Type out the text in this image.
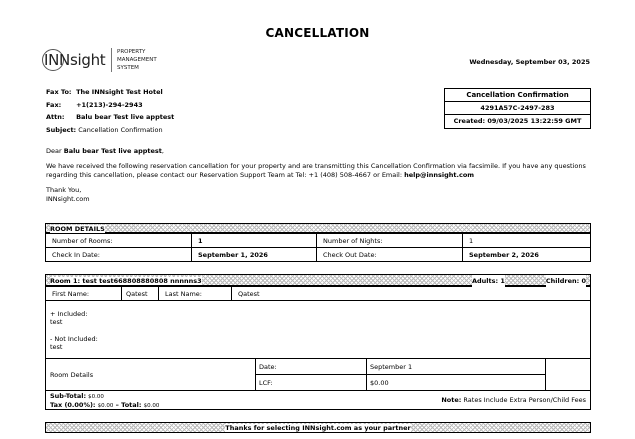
CANCELLATION
INNsight PROPERTY
MANAGEMENT
SYSTEM
Wednesday, September 03, 2025
Fax To: The INNsight Test Hotel
Fax: +1(213)-294-2943
Attn: Balu bear Test live apptest
Subject: Cancellation Confirmation
Cancellation Confirmation
4291A57C-2497-283
Created: 09/03/2025 13:22:59 GMT

Dear Balu bear Test live apptest,

We have received the following reservation cancellation for your property and are transmitting this Cancellation Confirmation via facsimile. If you have any questions regarding this cancellation, please contact our Reservation Support Team at Tel: +1 (408) 508-4667 or Email: help@innsight.com

Thank You,
INNsight.com
ROOM DETAILS
Number of Rooms:	1	Number of Nights:	1
Check In Date:	September 1, 2026	Check Out Date:	September 2, 2026
Room 1: test test668808880808 nnnnns3	Adults: 1	Children: 0
First Name:	Qatest	Last Name:	Qatest
+ Included:
test
- Not Included:
test
Room Details	Date:	September 1	
	LCF:	$0.00	
Sub-Total: $0.00
Tax (0.00%): $0.00 – Total: $0.00
Note: Rates Include Extra Person/Child Fees
Thanks for selecting INNsight.com as your partner
